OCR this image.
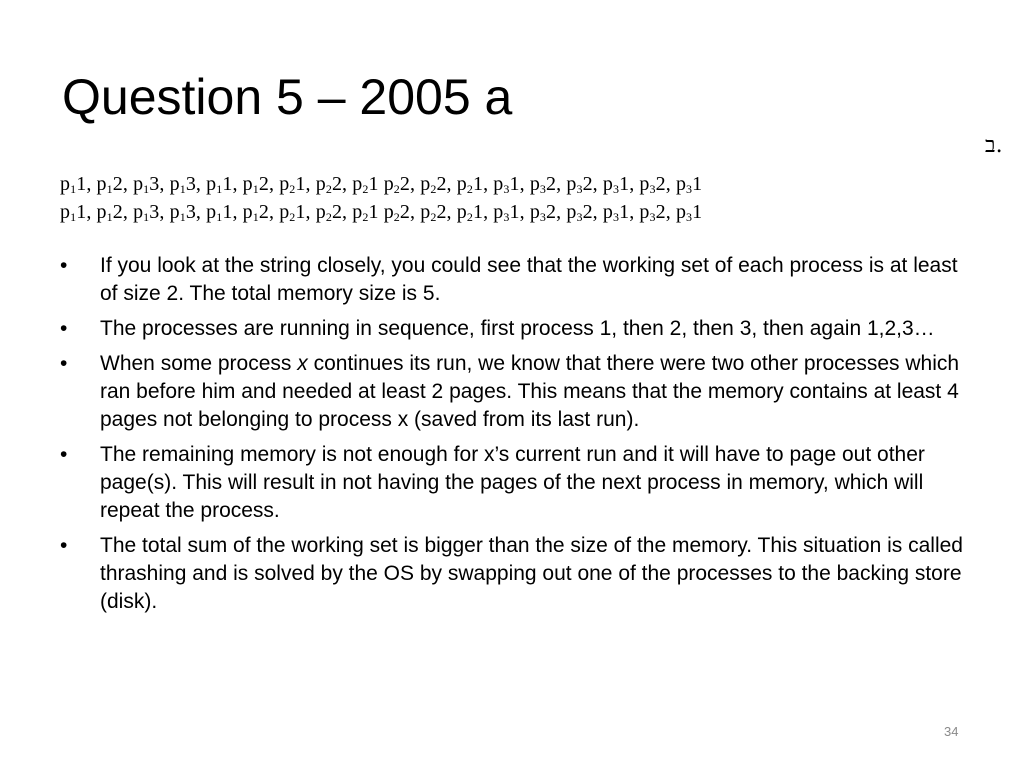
Question 5 – 2005 a
ב.
$p_11$, $p_12$, $p_13$, $p_13$, $p_11$, $p_12$, $p_21$, $p_22$, $p_21$ $p_22$, $p_22$, $p_21$, $p_31$, $p_32$, $p_32$, $p_31$, $p_32$, $p_31$
$p_11$, $p_12$, $p_13$, $p_13$, $p_11$, $p_12$, $p_21$, $p_22$, $p_21$ $p_22$, $p_22$, $p_21$, $p_31$, $p_32$, $p_32$, $p_31$, $p_32$, $p_31$
•	If you look at the string closely, you could see that the working set of each process is at least of size 2. The total memory size is 5.
•	The processes are running in sequence, first process 1, then 2, then 3, then again 1,2,3…
•	When some process x continues its run, we know that there were two other processes which ran before him and needed at least 2 pages. This means that the memory contains at least 4 pages not belonging to process x (saved from its last run).
•	The remaining memory is not enough for x’s current run and it will have to page out other page(s). This will result in not having the pages of the next process in memory, which will repeat the process.
•	The total sum of the working set is bigger than the size of the memory. This situation is called thrashing and is solved by the OS by swapping out one of the processes to the backing store (disk).
34
